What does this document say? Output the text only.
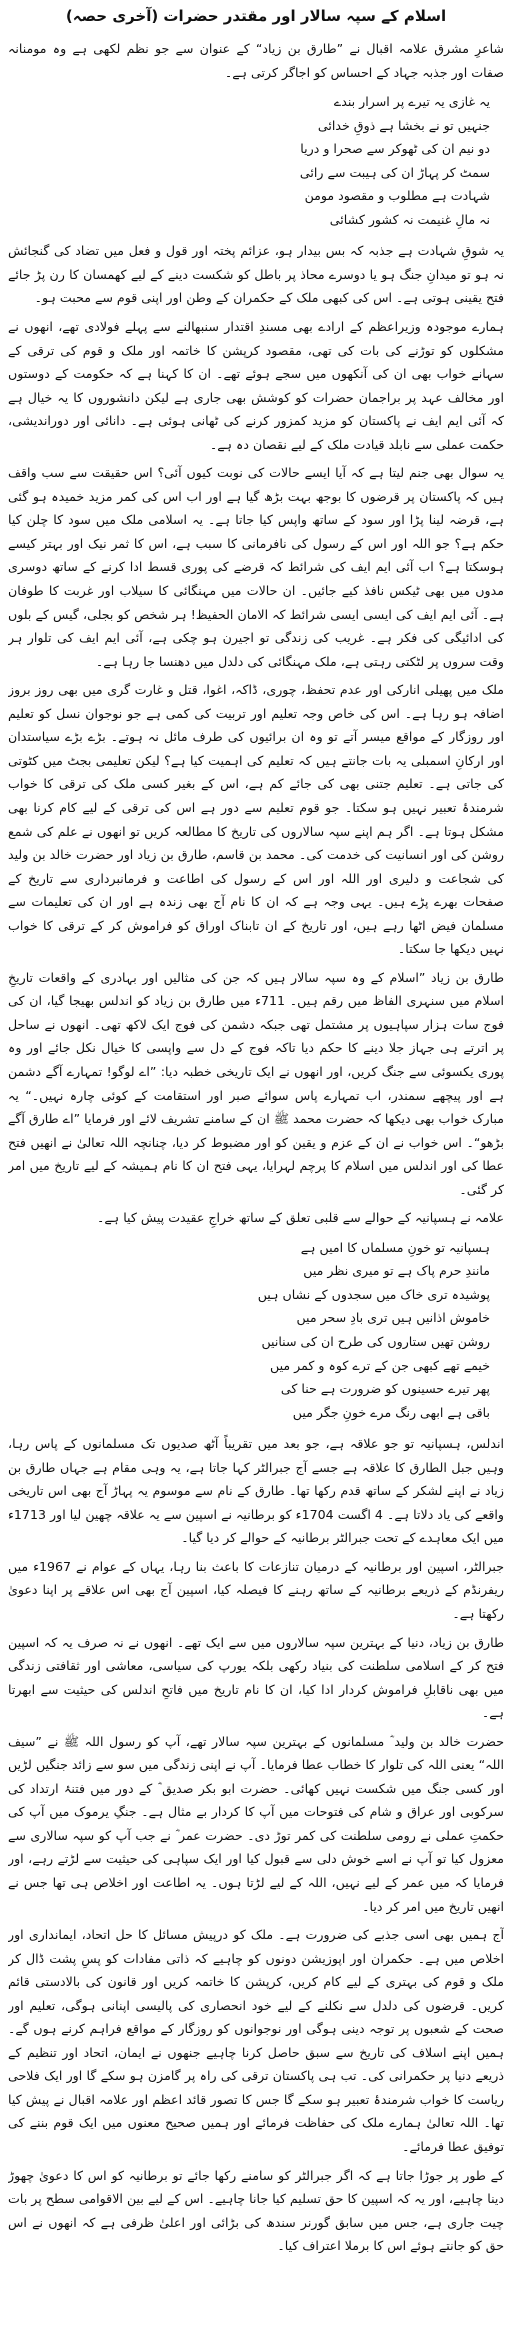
اسلام کے سپہ سالار اور مقتدر حضرات (آخری حصہ)

شاعرِ مشرق علامہ اقبال نے ”طارق بن زیاد“ کے عنوان سے جو نظم لکھی ہے وہ مومنانہ صفات اور جذبہ جہاد کے احساس کو اجاگر کرتی ہے۔

یہ غازی یہ تیرے پر اسرار بندے

جنہیں تو نے بخشا ہے ذوقِ خدائی

دو نیم ان کی ٹھوکر سے صحرا و دریا

سمٹ کر پہاڑ ان کی ہیبت سے رائی

شہادت ہے مطلوب و مقصود مومن

نہ مالِ غنیمت نہ کشور کشائی

یہ شوقِ شہادت ہے جذبہ کہ بس بیدار ہو، عزائم پختہ اور قول و فعل میں تضاد کی گنجائش نہ ہو تو میدانِ جنگ ہو یا دوسرے محاذ پر باطل کو شکست دینے کے لیے کھمسان کا رن پڑ جائے فتح یقینی ہوتی ہے۔ اس کی کبھی ملک کے حکمران کے وطن اور اپنی قوم سے محبت ہو۔

ہمارے موجودہ وزیراعظم کے ارادے بھی مسندِ اقتدار سنبھالنے سے پہلے فولادی تھے، انھوں نے مشکلوں کو توڑنے کی بات کی تھی، مقصود کرپشن کا خاتمہ اور ملک و قوم کی ترقی کے سہانے خواب بھی ان کی آنکھوں میں سجے ہوئے تھے۔ ان کا کہنا ہے کہ حکومت کے دوستوں اور مخالف عہد پر براجمان حضرات کو کوشش بھی جاری ہے لیکن دانشوروں کا یہ خیال ہے کہ آئی ایم ایف نے پاکستان کو مزید کمزور کرنے کی ٹھانی ہوئی ہے۔ دانائی اور دوراندیشی، حکمت عملی سے نابلد قیادت ملک کے لیے نقصان دہ ہے۔

یہ سوال بھی جنم لیتا ہے کہ آیا ایسے حالات کی نوبت کیوں آئی؟ اس حقیقت سے سب واقف ہیں کہ پاکستان پر قرضوں کا بوجھ بہت بڑھ گیا ہے اور اب اس کی کمر مزید خمیدہ ہو گئی ہے، قرضہ لینا پڑا اور سود کے ساتھ واپس کیا جاتا ہے۔ یہ اسلامی ملک میں سود کا چلن کیا حکم ہے؟ جو اللہ اور اس کے رسول کی نافرمانی کا سبب ہے، اس کا ثمر نیک اور بہتر کیسے ہوسکتا ہے؟ اب آئی ایم ایف کی شرائط کہ قرضے کی پوری قسط ادا کرنے کے ساتھ دوسری مدوں میں بھی ٹیکس نافذ کیے جائیں۔ ان حالات میں مہنگائی کا سیلاب اور غربت کا طوفان ہے۔ آئی ایم ایف کی ایسی ایسی شرائط کہ الامان الحفیظ! ہر شخص کو بجلی، گیس کے بلوں کی ادائیگی کی فکر ہے۔ غریب کی زندگی تو اجیرن ہو چکی ہے، آئی ایم ایف کی تلوار ہر وقت سروں پر لٹکتی رہتی ہے، ملک مہنگائی کی دلدل میں دھنسا جا رہا ہے۔

ملک میں پھیلی انارکی اور عدم تحفظ، چوری، ڈاکہ، اغوا، قتل و غارت گری میں بھی روز بروز اضافہ ہو رہا ہے۔ اس کی خاص وجہ تعلیم اور تربیت کی کمی ہے جو نوجوان نسل کو تعلیم اور روزگار کے مواقع میسر آتے تو وہ ان برائیوں کی طرف مائل نہ ہوتے۔ بڑے بڑے سیاستدان اور ارکانِ اسمبلی یہ بات جانتے ہیں کہ تعلیم کی اہمیت کیا ہے؟ لیکن تعلیمی بجٹ میں کٹوتی کی جاتی ہے۔ تعلیم جتنی بھی کی جائے کم ہے، اس کے بغیر کسی ملک کی ترقی کا خواب شرمندۂ تعبیر نہیں ہو سکتا۔ جو قوم تعلیم سے دور ہے اس کی ترقی کے لیے کام کرنا بھی مشکل ہوتا ہے۔ اگر ہم اپنے سپہ سالاروں کی تاریخ کا مطالعہ کریں تو انھوں نے علم کی شمع روشن کی اور انسانیت کی خدمت کی۔ محمد بن قاسم، طارق بن زیاد اور حضرت خالد بن ولید کی شجاعت و دلیری اور اللہ اور اس کے رسول کی اطاعت و فرمانبرداری سے تاریخ کے صفحات بھرے پڑے ہیں۔ یہی وجہ ہے کہ ان کا نام آج بھی زندہ ہے اور ان کی تعلیمات سے مسلمان فیض اٹھا رہے ہیں، اور تاریخ کے ان تابناک اوراق کو فراموش کر کے ترقی کا خواب نہیں دیکھا جا سکتا۔

طارق بن زیاد ”اسلام کے وہ سپہ سالار ہیں کہ جن کی مثالیں اور بہادری کے واقعات تاریخِ اسلام میں سنہری الفاظ میں رقم ہیں۔ 711ء میں طارق بن زیاد کو اندلس بھیجا گیا، ان کی فوج سات ہزار سپاہیوں پر مشتمل تھی جبکہ دشمن کی فوج ایک لاکھ تھی۔ انھوں نے ساحل پر اترتے ہی جہاز جلا دینے کا حکم دیا تاکہ فوج کے دل سے واپسی کا خیال نکل جائے اور وہ پوری یکسوئی سے جنگ کریں، اور انھوں نے ایک تاریخی خطبہ دیا: ”اے لوگو! تمہارے آگے دشمن ہے اور پیچھے سمندر، اب تمہارے پاس سوائے صبر اور استقامت کے کوئی چارہ نہیں۔“ یہ مبارک خواب بھی دیکھا کہ حضرت محمد ﷺ ان کے سامنے تشریف لائے اور فرمایا ”اے طارق آگے بڑھو“۔ اس خواب نے ان کے عزم و یقین کو اور مضبوط کر دیا، چنانچہ اللہ تعالیٰ نے انھیں فتح عطا کی اور اندلس میں اسلام کا پرچم لہرایا، یہی فتح ان کا نام ہمیشہ کے لیے تاریخ میں امر کر گئی۔

علامہ نے ہسپانیہ کے حوالے سے قلبی تعلق کے ساتھ خراجِ عقیدت پیش کیا ہے۔

ہسپانیہ تو خونِ مسلماں کا امیں ہے

مانندِ حرم پاک ہے تو میری نظر میں

پوشیدہ تری خاک میں سجدوں کے نشاں ہیں

خاموش اذانیں ہیں تری بادِ سحر میں

روشن تھیں ستاروں کی طرح ان کی سنانیں

خیمے تھے کبھی جن کے ترے کوہ و کمر میں

پھر تیرے حسینوں کو ضرورت ہے حنا کی

باقی ہے ابھی رنگ مرے خونِ جگر میں

اندلس، ہسپانیہ تو جو علاقہ ہے، جو بعد میں تقریباً آٹھ صدیوں تک مسلمانوں کے پاس رہا، وہیں جبل الطارق کا علاقہ ہے جسے آج جبرالٹر کہا جاتا ہے، یہ وہی مقام ہے جہاں طارق بن زیاد نے اپنے لشکر کے ساتھ قدم رکھا تھا۔ طارق کے نام سے موسوم یہ پہاڑ آج بھی اس تاریخی واقعے کی یاد دلاتا ہے۔ 4 اگست 1704ء کو برطانیہ نے اسپین سے یہ علاقہ چھین لیا اور 1713ء میں ایک معاہدے کے تحت جبرالٹر برطانیہ کے حوالے کر دیا گیا۔

جبرالٹر، اسپین اور برطانیہ کے درمیان تنازعات کا باعث بنا رہا، یہاں کے عوام نے 1967ء میں ریفرنڈم کے ذریعے برطانیہ کے ساتھ رہنے کا فیصلہ کیا، اسپین آج بھی اس علاقے پر اپنا دعویٰ رکھتا ہے۔

طارق بن زیاد، دنیا کے بہترین سپہ سالاروں میں سے ایک تھے۔ انھوں نے نہ صرف یہ کہ اسپین فتح کر کے اسلامی سلطنت کی بنیاد رکھی بلکہ یورپ کی سیاسی، معاشی اور ثقافتی زندگی میں بھی ناقابلِ فراموش کردار ادا کیا، ان کا نام تاریخ میں فاتحِ اندلس کی حیثیت سے ابھرتا ہے۔

حضرت خالد بن ولید ؓ مسلمانوں کے بہترین سپہ سالار تھے، آپ کو رسول اللہ ﷺ نے ”سیف اللہ“ یعنی اللہ کی تلوار کا خطاب عطا فرمایا۔ آپ نے اپنی زندگی میں سو سے زائد جنگیں لڑیں اور کسی جنگ میں شکست نہیں کھائی۔ حضرت ابو بکر صدیق ؓ کے دور میں فتنۂ ارتداد کی سرکوبی اور عراق و شام کی فتوحات میں آپ کا کردار بے مثال ہے۔ جنگِ یرموک میں آپ کی حکمتِ عملی نے رومی سلطنت کی کمر توڑ دی۔ حضرت عمر ؓ نے جب آپ کو سپہ سالاری سے معزول کیا تو آپ نے اسے خوش دلی سے قبول کیا اور ایک سپاہی کی حیثیت سے لڑتے رہے، اور فرمایا کہ میں عمر کے لیے نہیں، اللہ کے لیے لڑتا ہوں۔ یہ اطاعت اور اخلاص ہی تھا جس نے انھیں تاریخ میں امر کر دیا۔

آج ہمیں بھی اسی جذبے کی ضرورت ہے۔ ملک کو درپیش مسائل کا حل اتحاد، ایمانداری اور اخلاص میں ہے۔ حکمران اور اپوزیشن دونوں کو چاہیے کہ ذاتی مفادات کو پسِ پشت ڈال کر ملک و قوم کی بہتری کے لیے کام کریں، کرپشن کا خاتمہ کریں اور قانون کی بالادستی قائم کریں۔ قرضوں کی دلدل سے نکلنے کے لیے خود انحصاری کی پالیسی اپنانی ہوگی، تعلیم اور صحت کے شعبوں پر توجہ دینی ہوگی اور نوجوانوں کو روزگار کے مواقع فراہم کرنے ہوں گے۔ ہمیں اپنے اسلاف کی تاریخ سے سبق حاصل کرنا چاہیے جنھوں نے ایمان، اتحاد اور تنظیم کے ذریعے دنیا پر حکمرانی کی۔ تب ہی پاکستان ترقی کی راہ پر گامزن ہو سکے گا اور ایک فلاحی ریاست کا خواب شرمندۂ تعبیر ہو سکے گا جس کا تصور قائد اعظم اور علامہ اقبال نے پیش کیا تھا۔ اللہ تعالیٰ ہمارے ملک کی حفاظت فرمائے اور ہمیں صحیح معنوں میں ایک قوم بننے کی توفیق عطا فرمائے۔

کے طور پر جوڑا جاتا ہے کہ اگر جبرالٹر کو سامنے رکھا جائے تو برطانیہ کو اس کا دعویٰ چھوڑ دینا چاہیے، اور یہ کہ اسپین کا حق تسلیم کیا جانا چاہیے۔ اس کے لیے بین الاقوامی سطح پر بات چیت جاری ہے، جس میں سابق گورنر سندھ کی بڑائی اور اعلیٰ ظرفی ہے کہ انھوں نے اس حق کو جانتے ہوئے اس کا برملا اعتراف کیا۔
